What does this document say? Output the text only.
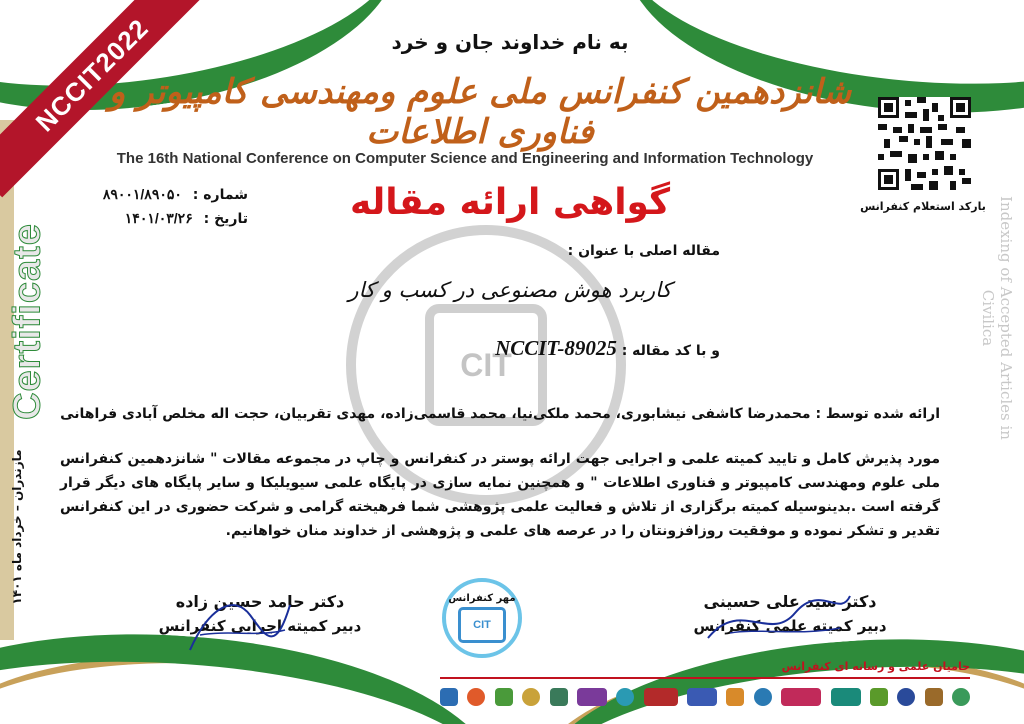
NCCIT2022
Certificate
مازندران – خرداد ماه ۱۴۰۱
Indexing of Accepted Articles in Civilica
CIT
به نام خداوند جان و خرد
شانزدهمین کنفرانس ملی علوم ومهندسی کامپیوتر و فناوری اطلاعات
The 16th National Conference on Computer Science and Engineering and Information Technology
گواهی ارائه مقاله
شماره : ۸۹۰۰۱/۸۹۰۵۰
تاریخ : ۱۴۰۱/۰۳/۲۶
بارکد استعلام کنفرانس
مقاله اصلی با عنوان :
کاربرد هوش مصنوعی در کسب و کار
و با کد مقاله : NCCIT-89025
ارائه شده توسط : محمدرضا کاشفی نیشابوری، محمد ملکی‌نیا، محمد قاسمی‌زاده، مهدی تقربیان، حجت اله مخلص آبادی فراهانی
مورد پذیرش کامل و تایید کمیته علمی و اجرایی جهت ارائه پوستر در کنفرانس و چاپ در مجموعه مقالات " شانزدهمین کنفرانس ملی علوم ومهندسی کامپیوتر و فناوری اطلاعات " و همچنین نمایه سازی در پایگاه علمی سیویلیکا و سایر پایگاه های دیگر قرار گرفته است .بدینوسیله کمیته برگزاری از تلاش و فعالیت علمی پژوهشی شما فرهیخته گرامی و شرکت حضوری در این کنفرانس تقدیر و تشکر نموده و موفقیت روزافزونتان را در عرصه های علمی و پژوهشی از خداوند منان خواهانیم.
دکتر سید علی حسینی
دبیر کمیته علمی کنفرانس
دکتر حامد حسین زاده
دبیر کمیته اجرایی کنفرانس
مهر کنفرانس
CIT
حامیان علمی و رسانه ای کنفرانس
